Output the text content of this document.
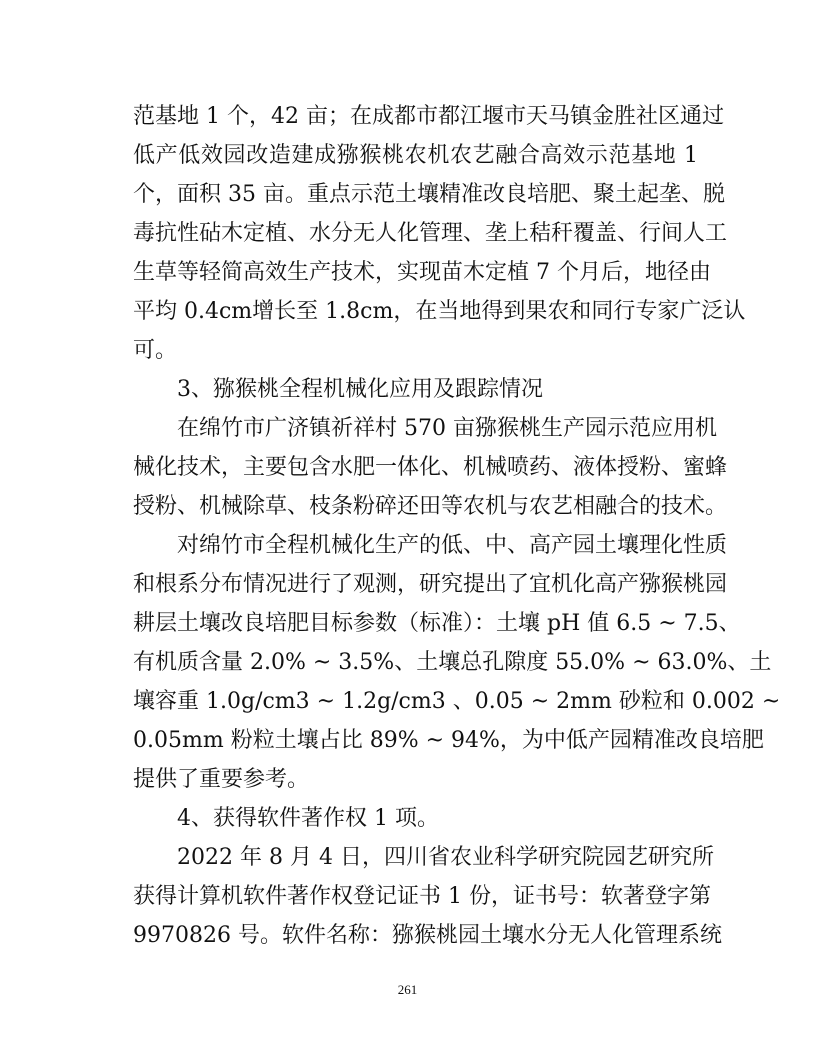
范基地 1 个，42 亩；在成都市都江堰市天马镇金胜社区通过
低产低效园改造建成猕猴桃农机农艺融合高效示范基地 1
个，面积 35 亩。重点示范土壤精准改良培肥、聚土起垄、脱
毒抗性砧木定植、水分无人化管理、垄上秸秆覆盖、行间人工
生草等轻简高效生产技术，实现苗木定植 7 个月后，地径由
平均 0.4cm增长至 1.8cm，在当地得到果农和同行专家广泛认
可。
3、猕猴桃全程机械化应用及跟踪情况
在绵竹市广济镇祈祥村 570 亩猕猴桃生产园示范应用机
械化技术，主要包含水肥一体化、机械喷药、液体授粉、蜜蜂
授粉、机械除草、枝条粉碎还田等农机与农艺相融合的技术。
对绵竹市全程机械化生产的低、中、高产园土壤理化性质
和根系分布情况进行了观测，研究提出了宜机化高产猕猴桃园
耕层土壤改良培肥目标参数（标准）：土壤 pH 值 6.5 ~ 7.5、
有机质含量 2.0% ~ 3.5%、土壤总孔隙度 55.0% ~ 63.0%、土
壤容重 1.0g/cm3 ~ 1.2g/cm3 、0.05 ~ 2mm 砂粒和 0.002 ~
0.05mm 粉粒土壤占比 89% ~ 94%，为中低产园精准改良培肥
提供了重要参考。
4、获得软件著作权 1 项。
2022 年 8 月 4 日，四川省农业科学研究院园艺研究所
获得计算机软件著作权登记证书 1 份，证书号：软著登字第
9970826 号。软件名称：猕猴桃园土壤水分无人化管理系统
261
